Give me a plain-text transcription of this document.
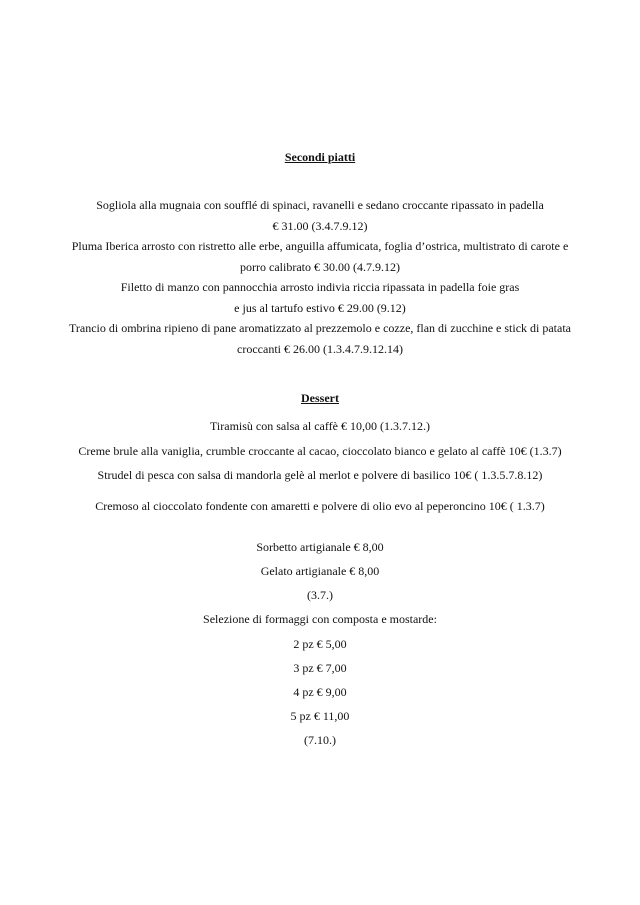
Secondi piatti

Sogliola alla mugnaia con soufflé di spinaci, ravanelli e sedano croccante ripassato in padella

€ 31.00 (3.4.7.9.12)

Pluma Iberica arrosto con ristretto alle erbe, anguilla affumicata, foglia d’ostrica, multistrato di carote e

porro calibrato € 30.00 (4.7.9.12)

Filetto di manzo con pannocchia arrosto indivia riccia ripassata in padella foie gras

e jus al tartufo estivo € 29.00 (9.12)

Trancio di ombrina ripieno di pane aromatizzato al prezzemolo e cozze, flan di zucchine e stick di patata

croccanti € 26.00 (1.3.4.7.9.12.14)

Dessert

Tiramisù con salsa al caffè € 10,00 (1.3.7.12.)

Creme brule alla vaniglia, crumble croccante al cacao, cioccolato bianco e gelato al caffè 10€ (1.3.7)

Strudel di pesca con salsa di mandorla gelè al merlot e polvere di basilico 10€ ( 1.3.5.7.8.12)

Cremoso al cioccolato fondente con amaretti e polvere di olio evo al peperoncino 10€ ( 1.3.7)

Sorbetto artigianale € 8,00

Gelato artigianale € 8,00

(3.7.)

Selezione di formaggi con composta e mostarde:

2 pz € 5,00

3 pz € 7,00

4 pz € 9,00

5 pz € 11,00

(7.10.)
